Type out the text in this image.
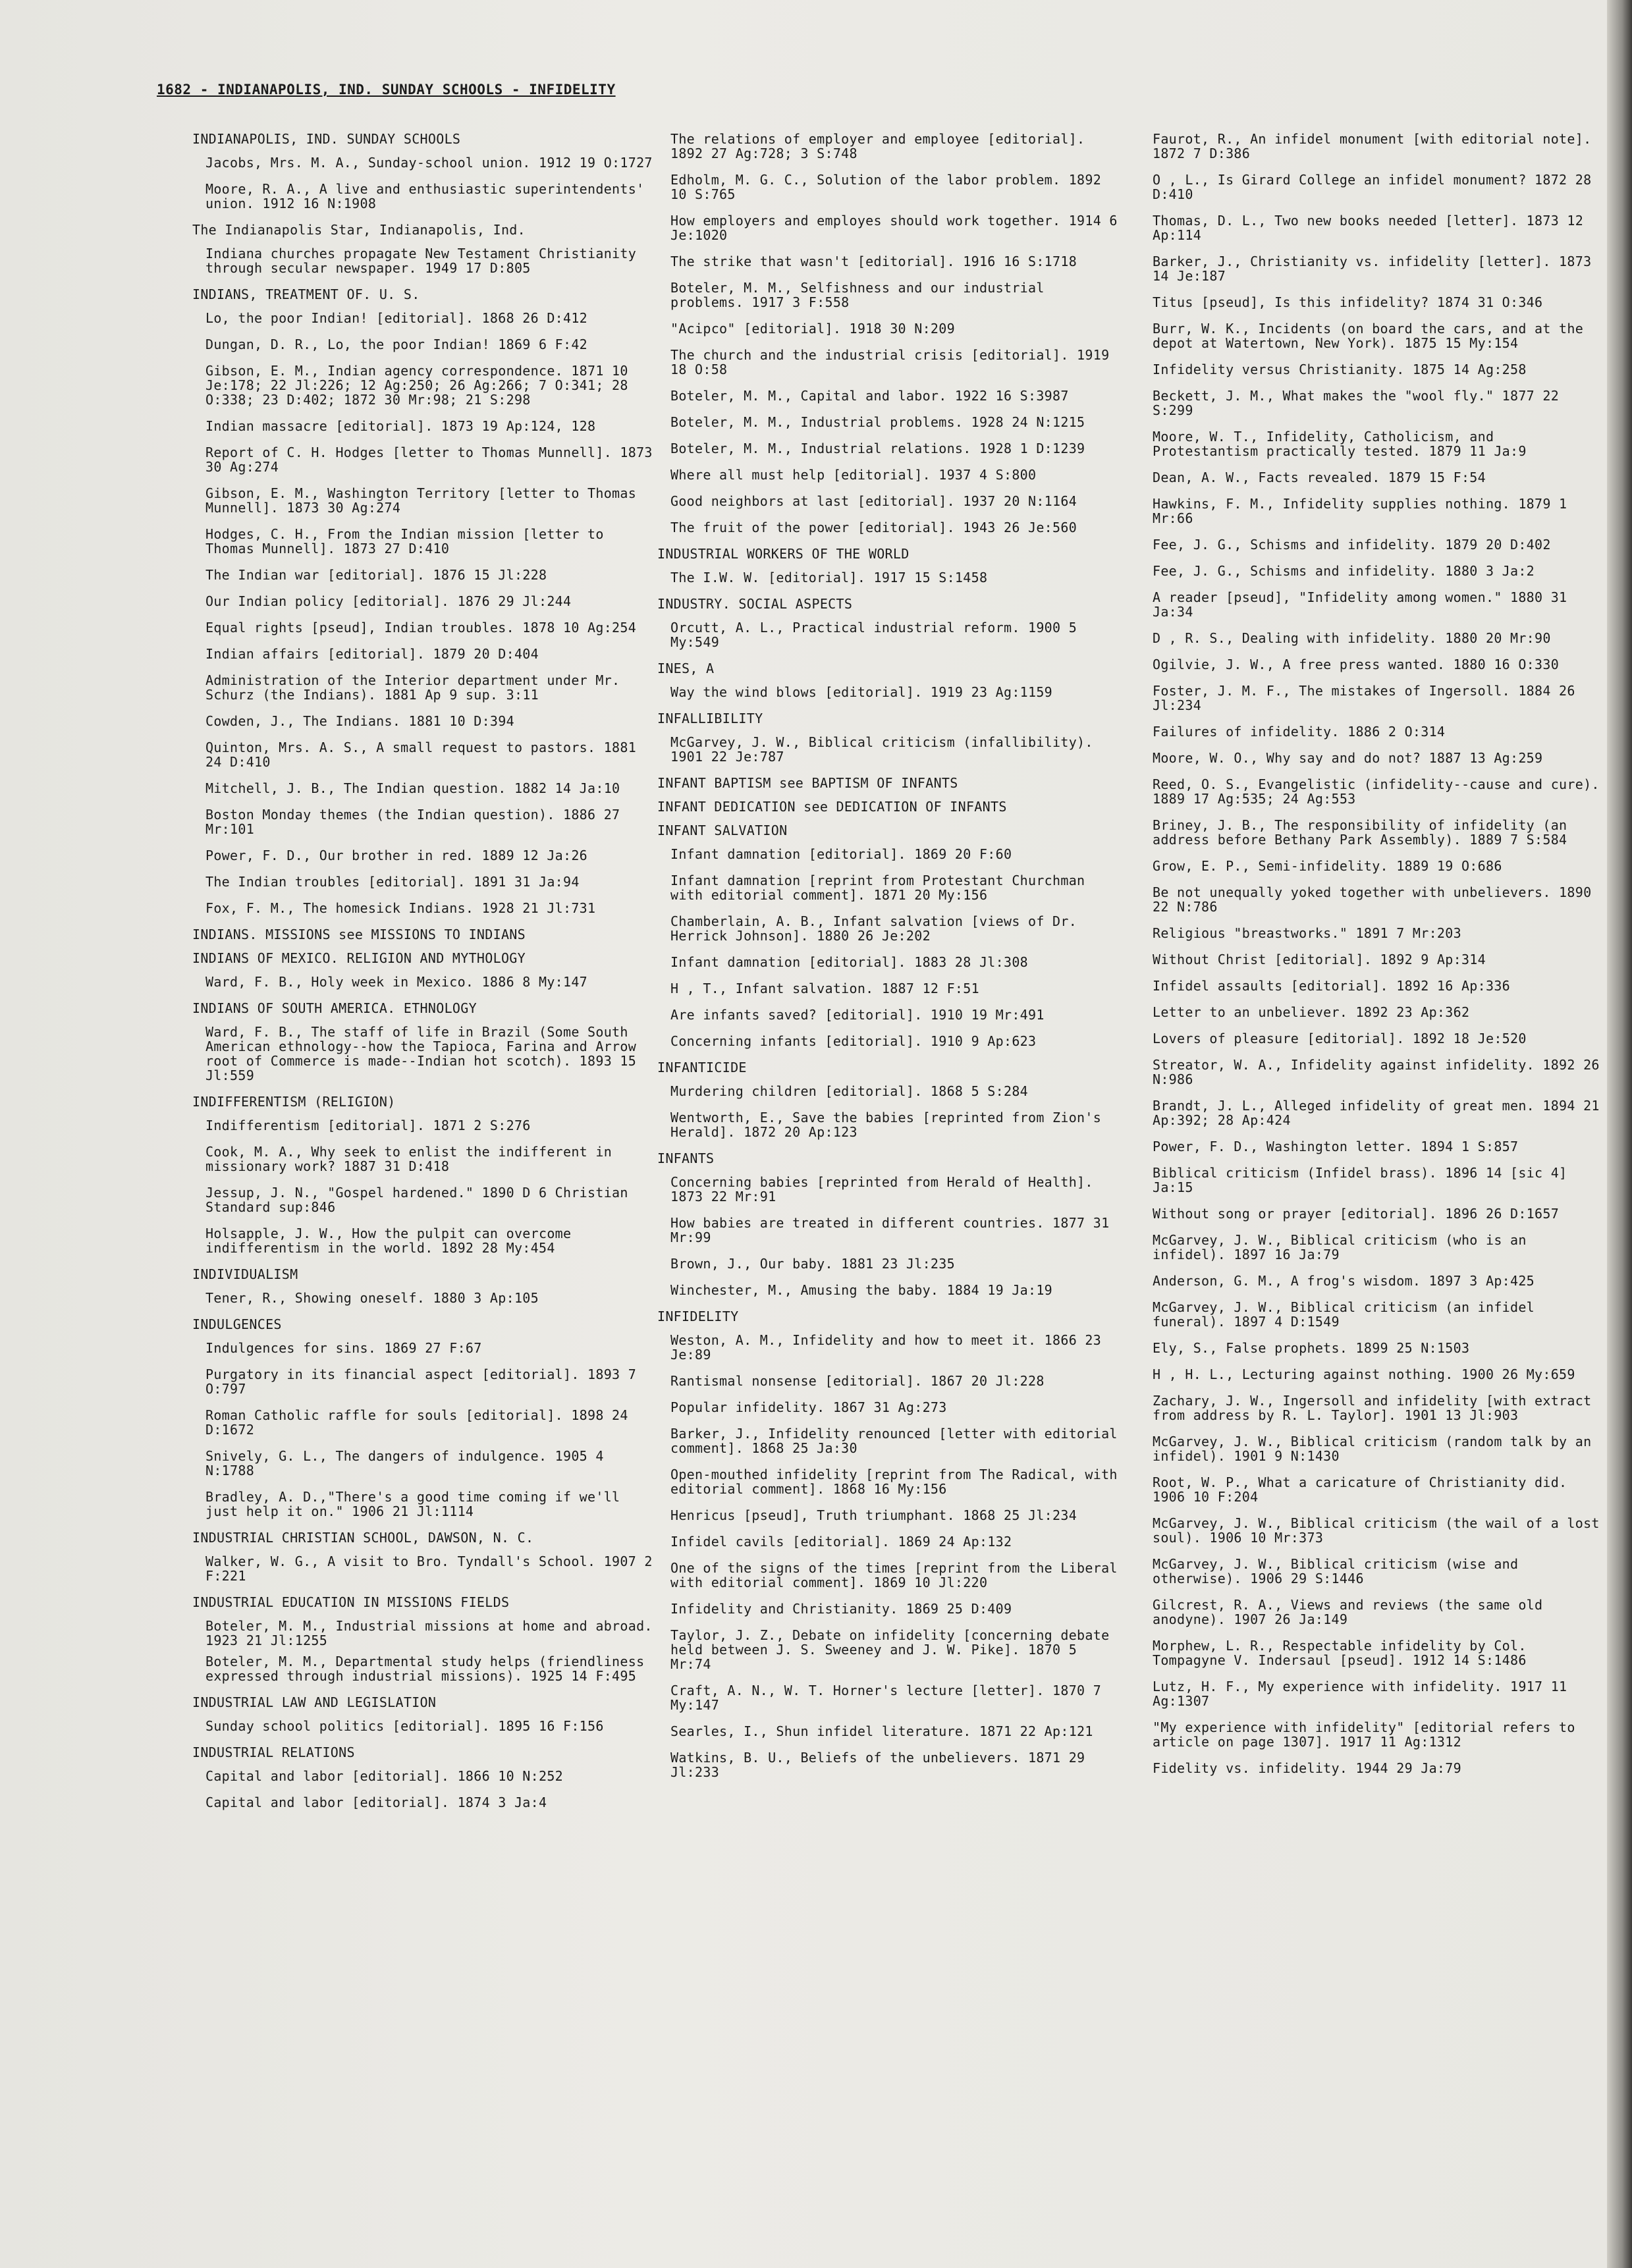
1682 - INDIANAPOLIS, IND. SUNDAY SCHOOLS - INFIDELITY
INDIANAPOLIS, IND. SUNDAY SCHOOLS
Jacobs, Mrs. M. A., Sunday-school union. 1912 19 O:1727
Moore, R. A., A live and enthusiastic superintendents' union. 1912 16 N:1908
The Indianapolis Star, Indianapolis, Ind.
Indiana churches propagate New Testament Christianity through secular newspaper. 1949 17 D:805
INDIANS, TREATMENT OF. U. S.
Lo, the poor Indian! [editorial]. 1868 26 D:412
Dungan, D. R., Lo, the poor Indian! 1869 6 F:42
Gibson, E. M., Indian agency correspondence. 1871 10 Je:178; 22 Jl:226; 12 Ag:250; 26 Ag:266; 7 O:341; 28 O:338; 23 D:402; 1872 30 Mr:98; 21 S:298
Indian massacre [editorial]. 1873 19 Ap:124, 128
Report of C. H. Hodges [letter to Thomas Munnell]. 1873 30 Ag:274
Gibson, E. M., Washington Territory [letter to Thomas Munnell]. 1873 30 Ag:274
Hodges, C. H., From the Indian mission [letter to Thomas Munnell]. 1873 27 D:410
The Indian war [editorial]. 1876 15 Jl:228
Our Indian policy [editorial]. 1876 29 Jl:244
Equal rights [pseud], Indian troubles. 1878 10 Ag:254
Indian affairs [editorial]. 1879 20 D:404
Administration of the Interior department under Mr. Schurz (the Indians). 1881 Ap 9 sup. 3:11
Cowden, J., The Indians. 1881 10 D:394
Quinton, Mrs. A. S., A small request to pastors. 1881 24 D:410
Mitchell, J. B., The Indian question. 1882 14 Ja:10
Boston Monday themes (the Indian question). 1886 27 Mr:101
Power, F. D., Our brother in red. 1889 12 Ja:26
The Indian troubles [editorial]. 1891 31 Ja:94
Fox, F. M., The homesick Indians. 1928 21 Jl:731
INDIANS. MISSIONS see MISSIONS TO INDIANS
INDIANS OF MEXICO. RELIGION AND MYTHOLOGY
Ward, F. B., Holy week in Mexico. 1886 8 My:147
INDIANS OF SOUTH AMERICA. ETHNOLOGY
Ward, F. B., The staff of life in Brazil (Some South American ethnology--how the Tapioca, Farina and Arrow root of Commerce is made--Indian hot scotch). 1893 15 Jl:559
INDIFFERENTISM (RELIGION)
Indifferentism [editorial]. 1871 2 S:276
Cook, M. A., Why seek to enlist the indifferent in missionary work? 1887 31 D:418
Jessup, J. N., "Gospel hardened." 1890 D 6 Christian Standard sup:846
Holsapple, J. W., How the pulpit can overcome indifferentism in the world. 1892 28 My:454
INDIVIDUALISM
Tener, R., Showing oneself. 1880 3 Ap:105
INDULGENCES
Indulgences for sins. 1869 27 F:67
Purgatory in its financial aspect [editorial]. 1893 7 O:797
Roman Catholic raffle for souls [editorial]. 1898 24 D:1672
Snively, G. L., The dangers of indulgence. 1905 4 N:1788
Bradley, A. D.,"There's a good time coming if we'll just help it on." 1906 21 Jl:1114
INDUSTRIAL CHRISTIAN SCHOOL, DAWSON, N. C.
Walker, W. G., A visit to Bro. Tyndall's School. 1907 2 F:221
INDUSTRIAL EDUCATION IN MISSIONS FIELDS
Boteler, M. M., Industrial missions at home and abroad. 1923 21 Jl:1255
Boteler, M. M., Departmental study helps (friendliness expressed through industrial missions). 1925 14 F:495
INDUSTRIAL LAW AND LEGISLATION
Sunday school politics [editorial]. 1895 16 F:156
INDUSTRIAL RELATIONS
Capital and labor [editorial]. 1866 10 N:252
Capital and labor [editorial]. 1874 3 Ja:4
The relations of employer and employee [editorial]. 1892 27 Ag:728; 3 S:748
Edholm, M. G. C., Solution of the labor problem. 1892 10 S:765
How employers and employes should work together. 1914 6 Je:1020
The strike that wasn't [editorial]. 1916 16 S:1718
Boteler, M. M., Selfishness and our industrial problems. 1917 3 F:558
"Acipco" [editorial]. 1918 30 N:209
The church and the industrial crisis [editorial]. 1919 18 O:58
Boteler, M. M., Capital and labor. 1922 16 S:3987
Boteler, M. M., Industrial problems. 1928 24 N:1215
Boteler, M. M., Industrial relations. 1928 1 D:1239
Where all must help [editorial]. 1937 4 S:800
Good neighbors at last [editorial]. 1937 20 N:1164
The fruit of the power [editorial]. 1943 26 Je:560
INDUSTRIAL WORKERS OF THE WORLD
The I.W. W. [editorial]. 1917 15 S:1458
INDUSTRY. SOCIAL ASPECTS
Orcutt, A. L., Practical industrial reform. 1900 5 My:549
INES, A
Way the wind blows [editorial]. 1919 23 Ag:1159
INFALLIBILITY
McGarvey, J. W., Biblical criticism (infallibility). 1901 22 Je:787
INFANT BAPTISM see BAPTISM OF INFANTS
INFANT DEDICATION see DEDICATION OF INFANTS
INFANT SALVATION
Infant damnation [editorial]. 1869 20 F:60
Infant damnation [reprint from Protestant Churchman with editorial comment]. 1871 20 My:156
Chamberlain, A. B., Infant salvation [views of Dr. Herrick Johnson]. 1880 26 Je:202
Infant damnation [editorial]. 1883 28 Jl:308
H , T., Infant salvation. 1887 12 F:51
Are infants saved? [editorial]. 1910 19 Mr:491
Concerning infants [editorial]. 1910 9 Ap:623
INFANTICIDE
Murdering children [editorial]. 1868 5 S:284
Wentworth, E., Save the babies [reprinted from Zion's Herald]. 1872 20 Ap:123
INFANTS
Concerning babies [reprinted from Herald of Health]. 1873 22 Mr:91
How babies are treated in different countries. 1877 31 Mr:99
Brown, J., Our baby. 1881 23 Jl:235
Winchester, M., Amusing the baby. 1884 19 Ja:19
INFIDELITY
Weston, A. M., Infidelity and how to meet it. 1866 23 Je:89
Rantismal nonsense [editorial]. 1867 20 Jl:228
Popular infidelity. 1867 31 Ag:273
Barker, J., Infidelity renounced [letter with editorial comment]. 1868 25 Ja:30
Open-mouthed infidelity [reprint from The Radical, with editorial comment]. 1868 16 My:156
Henricus [pseud], Truth triumphant. 1868 25 Jl:234
Infidel cavils [editorial]. 1869 24 Ap:132
One of the signs of the times [reprint from the Liberal with editorial comment]. 1869 10 Jl:220
Infidelity and Christianity. 1869 25 D:409
Taylor, J. Z., Debate on infidelity [concerning debate held between J. S. Sweeney and J. W. Pike]. 1870 5 Mr:74
Craft, A. N., W. T. Horner's lecture [letter]. 1870 7 My:147
Searles, I., Shun infidel literature. 1871 22 Ap:121
Watkins, B. U., Beliefs of the unbelievers. 1871 29 Jl:233
Faurot, R., An infidel monument [with editorial note]. 1872 7 D:386
O , L., Is Girard College an infidel monument? 1872 28 D:410
Thomas, D. L., Two new books needed [letter]. 1873 12 Ap:114
Barker, J., Christianity vs. infidelity [letter]. 1873 14 Je:187
Titus [pseud], Is this infidelity? 1874 31 O:346
Burr, W. K., Incidents (on board the cars, and at the depot at Watertown, New York). 1875 15 My:154
Infidelity versus Christianity. 1875 14 Ag:258
Beckett, J. M., What makes the "wool fly." 1877 22 S:299
Moore, W. T., Infidelity, Catholicism, and Protestantism practically tested. 1879 11 Ja:9
Dean, A. W., Facts revealed. 1879 15 F:54
Hawkins, F. M., Infidelity supplies nothing. 1879 1 Mr:66
Fee, J. G., Schisms and infidelity. 1879 20 D:402
Fee, J. G., Schisms and infidelity. 1880 3 Ja:2
A reader [pseud], "Infidelity among women." 1880 31 Ja:34
D , R. S., Dealing with infidelity. 1880 20 Mr:90
Ogilvie, J. W., A free press wanted. 1880 16 O:330
Foster, J. M. F., The mistakes of Ingersoll. 1884 26 Jl:234
Failures of infidelity. 1886 2 O:314
Moore, W. O., Why say and do not? 1887 13 Ag:259
Reed, O. S., Evangelistic (infidelity--cause and cure). 1889 17 Ag:535; 24 Ag:553
Briney, J. B., The responsibility of infidelity (an address before Bethany Park Assembly). 1889 7 S:584
Grow, E. P., Semi-infidelity. 1889 19 O:686
Be not unequally yoked together with unbelievers. 1890 22 N:786
Religious "breastworks." 1891 7 Mr:203
Without Christ [editorial]. 1892 9 Ap:314
Infidel assaults [editorial]. 1892 16 Ap:336
Letter to an unbeliever. 1892 23 Ap:362
Lovers of pleasure [editorial]. 1892 18 Je:520
Streator, W. A., Infidelity against infidelity. 1892 26 N:986
Brandt, J. L., Alleged infidelity of great men. 1894 21 Ap:392; 28 Ap:424
Power, F. D., Washington letter. 1894 1 S:857
Biblical criticism (Infidel brass). 1896 14 [sic 4] Ja:15
Without song or prayer [editorial]. 1896 26 D:1657
McGarvey, J. W., Biblical criticism (who is an infidel). 1897 16 Ja:79
Anderson, G. M., A frog's wisdom. 1897 3 Ap:425
McGarvey, J. W., Biblical criticism (an infidel funeral). 1897 4 D:1549
Ely, S., False prophets. 1899 25 N:1503
H , H. L., Lecturing against nothing. 1900 26 My:659
Zachary, J. W., Ingersoll and infidelity [with extract from address by R. L. Taylor]. 1901 13 Jl:903
McGarvey, J. W., Biblical criticism (random talk by an infidel). 1901 9 N:1430
Root, W. P., What a caricature of Christianity did. 1906 10 F:204
McGarvey, J. W., Biblical criticism (the wail of a lost soul). 1906 10 Mr:373
McGarvey, J. W., Biblical criticism (wise and otherwise). 1906 29 S:1446
Gilcrest, R. A., Views and reviews (the same old anodyne). 1907 26 Ja:149
Morphew, L. R., Respectable infidelity by Col. Tompagyne V. Indersaul [pseud]. 1912 14 S:1486
Lutz, H. F., My experience with infidelity. 1917 11 Ag:1307
"My experience with infidelity" [editorial refers to article on page 1307]. 1917 11 Ag:1312
Fidelity vs. infidelity. 1944 29 Ja:79
